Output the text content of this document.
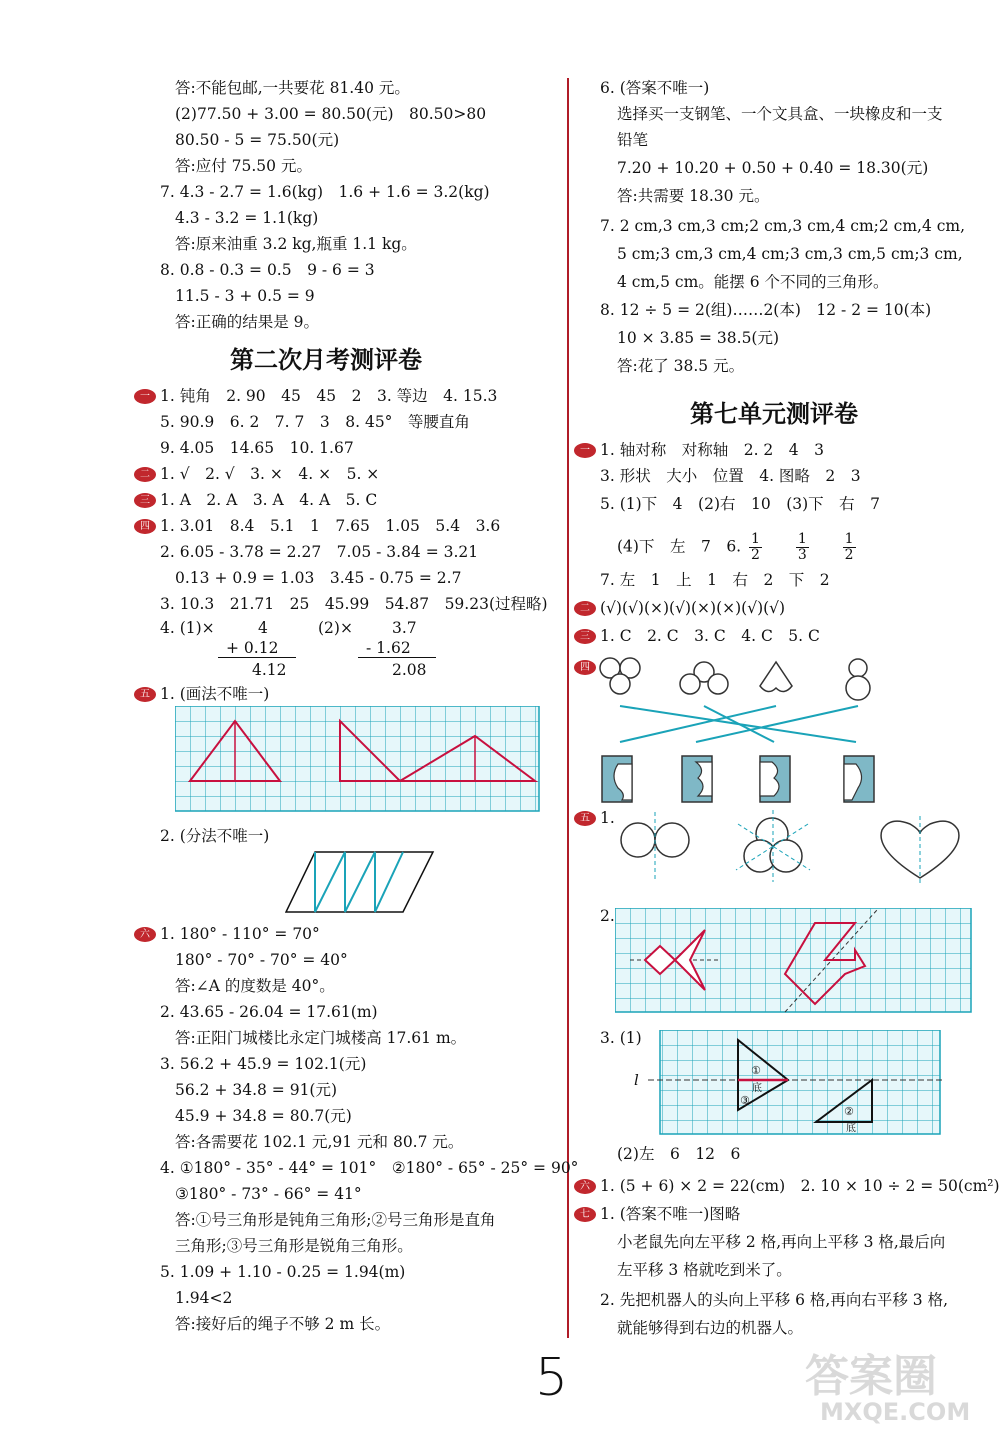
答:不能包邮,一共要花 81.40 元。
(2)77.50 + 3.00 = 80.50(元)　80.50>80
80.50 - 5 = 75.50(元)
答:应付 75.50 元。
7. 4.3 - 2.7 = 1.6(kg)　1.6 + 1.6 = 3.2(kg)
4.3 - 3.2 = 1.1(kg)
答:原来油重 3.2 kg,瓶重 1.1 kg。
8. 0.8 - 0.3 = 0.5　9 - 6 = 3
11.5 - 3 + 0.5 = 9
答:正确的结果是 9。
第二次月考测评卷
一 1. 钝角　2. 90　45　45　2　3. 等边　4. 15.3
5. 90.9　6. 2　7. 7　3　8. 45°　等腰直角
9. 4.05　14.65　10. 1.67
二 1. √　2. √　3. ×　4. ×　5. ×
三 1. A　2. A　3. A　4. A　5. C
四 1. 3.01　8.4　5.1　1　7.65　1.05　5.4　3.6
2. 6.05 - 3.78 = 2.27　7.05 - 3.84 = 3.21
0.13 + 0.9 = 1.03　3.45 - 0.75 = 2.7
3. 10.3　21.71　25　45.99　54.87　59.23(过程略)
4. (1)×	4
+ 0.12
4.12
(2)×	3.7
- 1.62
2.08
五 1. (画法不唯一)
2. (分法不唯一)
六 1. 180° - 110° = 70°
180° - 70° - 70° = 40°
答:∠A 的度数是 40°。
2. 43.65 - 26.04 = 17.61(m)
答:正阳门城楼比永定门城楼高 17.61 m。
3. 56.2 + 45.9 = 102.1(元)
56.2 + 34.8 = 91(元)
45.9 + 34.8 = 80.7(元)
答:各需要花 102.1 元,91 元和 80.7 元。
4. ①180° - 35° - 44° = 101°　②180° - 65° - 25° = 90°
③180° - 73° - 66° = 41°
答:①号三角形是钝角三角形;②号三角形是直角
三角形;③号三角形是锐角三角形。
5. 1.09 + 1.10 - 0.25 = 1.94(m)
1.94<2
答:接好后的绳子不够 2 m 长。
6. (答案不唯一)
选择买一支钢笔、一个文具盒、一块橡皮和一支
铅笔
7.20 + 10.20 + 0.50 + 0.40 = 18.30(元)
答:共需要 18.30 元。
7. 2 cm,3 cm,3 cm;2 cm,3 cm,4 cm;2 cm,4 cm,
5 cm;3 cm,3 cm,4 cm;3 cm,3 cm,5 cm;3 cm,
4 cm,5 cm。能摆 6 个不同的三角形。
8. 12 ÷ 5 = 2(组)……2(本)　12 - 2 = 10(本)
10 × 3.85 = 38.5(元)
答:花了 38.5 元。
第七单元测评卷
一 1. 轴对称　对称轴　2. 2　4　3
3. 形状　大小　位置　4. 图略　2　3
5. (1)下　4　(2)右　10　(3)下　右　7
(4)下　左　7　6. $\frac{1}{2}$
$\frac{1}{3}$
$\frac{1}{2}$
7. 左　1　上　1　右　2　下　2
二 (√)(√)(×)(√)(×)(×)(√)(√)
三 1. C　2. C　3. C　4. C　5. C
四
五 1.
2.
3. (1)
l
①
底
③
②
底
(2)左　6　12　6
六 1. (5 + 6) × 2 = 22(cm)　2. 10 × 10 ÷ 2 = 50(cm²)
七 1. (答案不唯一)图略
小老鼠先向左平移 2 格,再向上平移 3 格,最后向
左平移 3 格就吃到米了。
2. 先把机器人的头向上平移 6 格,再向右平移 3 格,
就能够得到右边的机器人。
5	答案圈
MXQE.COM
